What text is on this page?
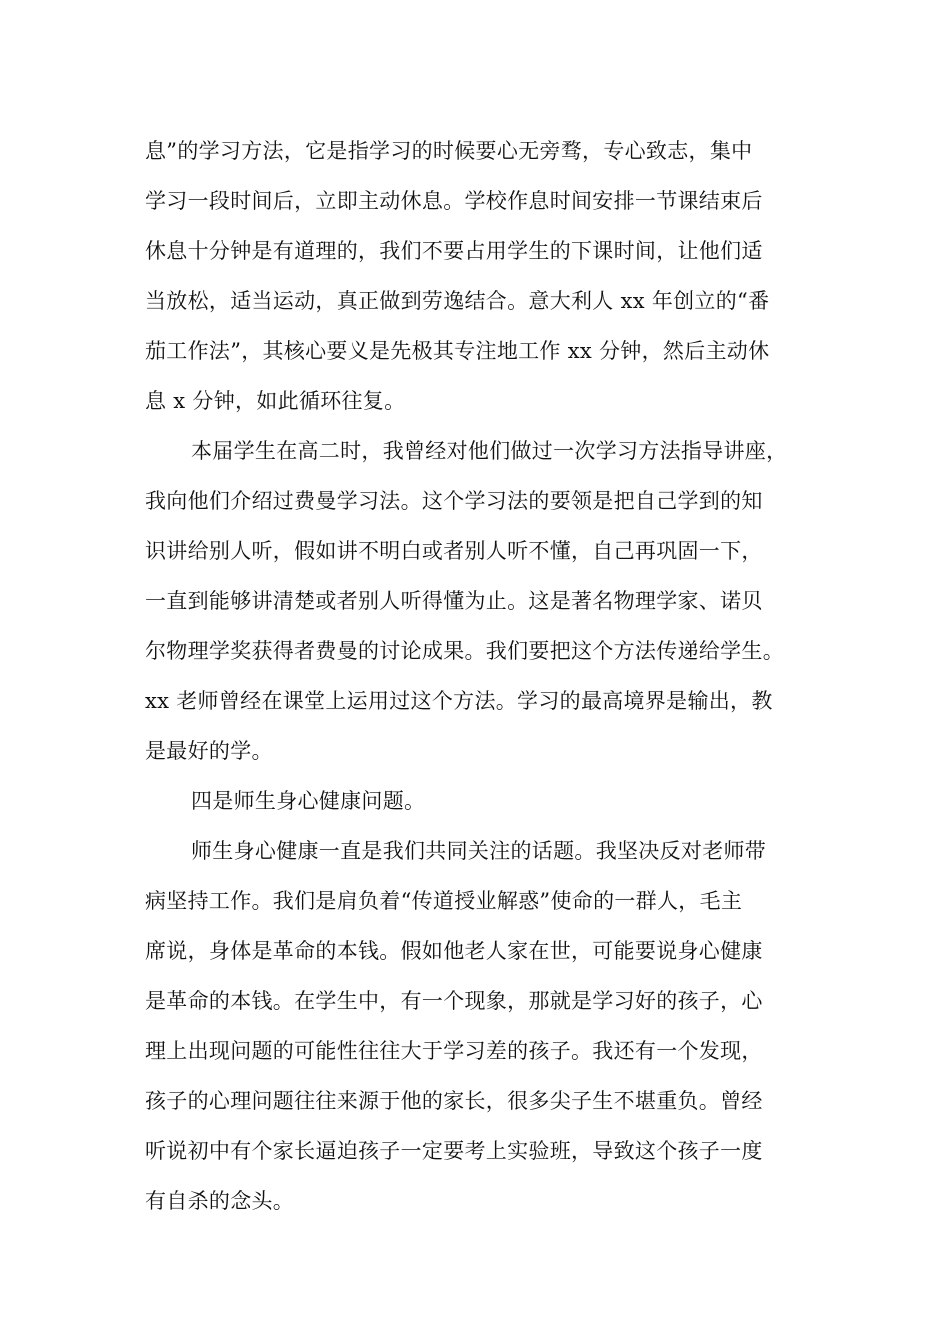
息”的学习方法，它是指学习的时候要心无旁骛，专心致志，集中
学习一段时间后，立即主动休息。学校作息时间安排一节课结束后
休息十分钟是有道理的，我们不要占用学生的下课时间，让他们适
当放松，适当运动，真正做到劳逸结合。意大利人 xx 年创立的“番
茄工作法”，其核心要义是先极其专注地工作 xx 分钟，然后主动休
息 x 分钟，如此循环往复。
本届学生在高二时，我曾经对他们做过一次学习方法指导讲座，
我向他们介绍过费曼学习法。这个学习法的要领是把自己学到的知
识讲给别人听，假如讲不明白或者别人听不懂，自己再巩固一下，
一直到能够讲清楚或者别人听得懂为止。这是著名物理学家、诺贝
尔物理学奖获得者费曼的讨论成果。我们要把这个方法传递给学生。
xx 老师曾经在课堂上运用过这个方法。学习的最高境界是输出，教
是最好的学。
四是师生身心健康问题。
师生身心健康一直是我们共同关注的话题。我坚决反对老师带
病坚持工作。我们是肩负着“传道授业解惑”使命的一群人，毛主
席说，身体是革命的本钱。假如他老人家在世，可能要说身心健康
是革命的本钱。在学生中，有一个现象，那就是学习好的孩子，心
理上出现问题的可能性往往大于学习差的孩子。我还有一个发现，
孩子的心理问题往往来源于他的家长，很多尖子生不堪重负。曾经
听说初中有个家长逼迫孩子一定要考上实验班，导致这个孩子一度
有自杀的念头。
